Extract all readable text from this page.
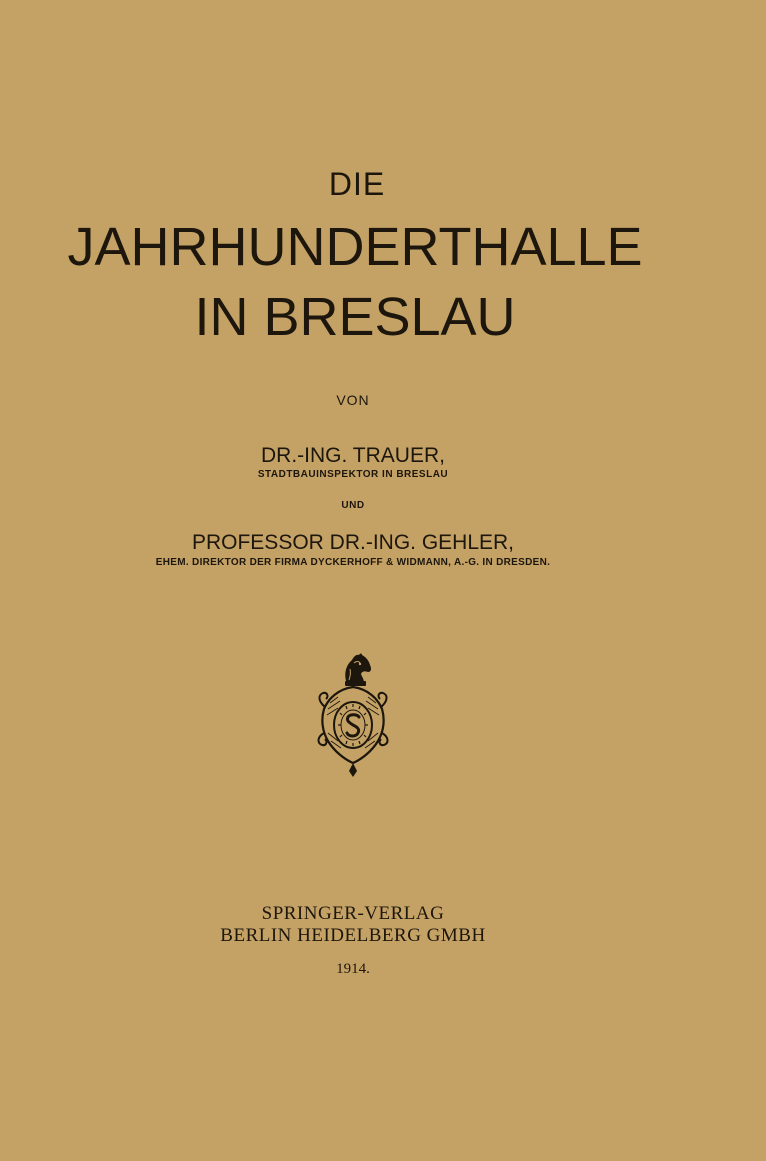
DIE
JAHRHUNDERTHALLE
IN BRESLAU
VON
DR.-ING. TRAUER,
STADTBAUINSPEKTOR IN BRESLAU
UND
PROFESSOR DR.-ING. GEHLER,
EHEM. DIREKTOR DER FIRMA DYCKERHOFF & WIDMANN, A.-G. IN DRESDEN.
SPRINGER-VERLAG
BERLIN HEIDELBERG GMBH
1914.
